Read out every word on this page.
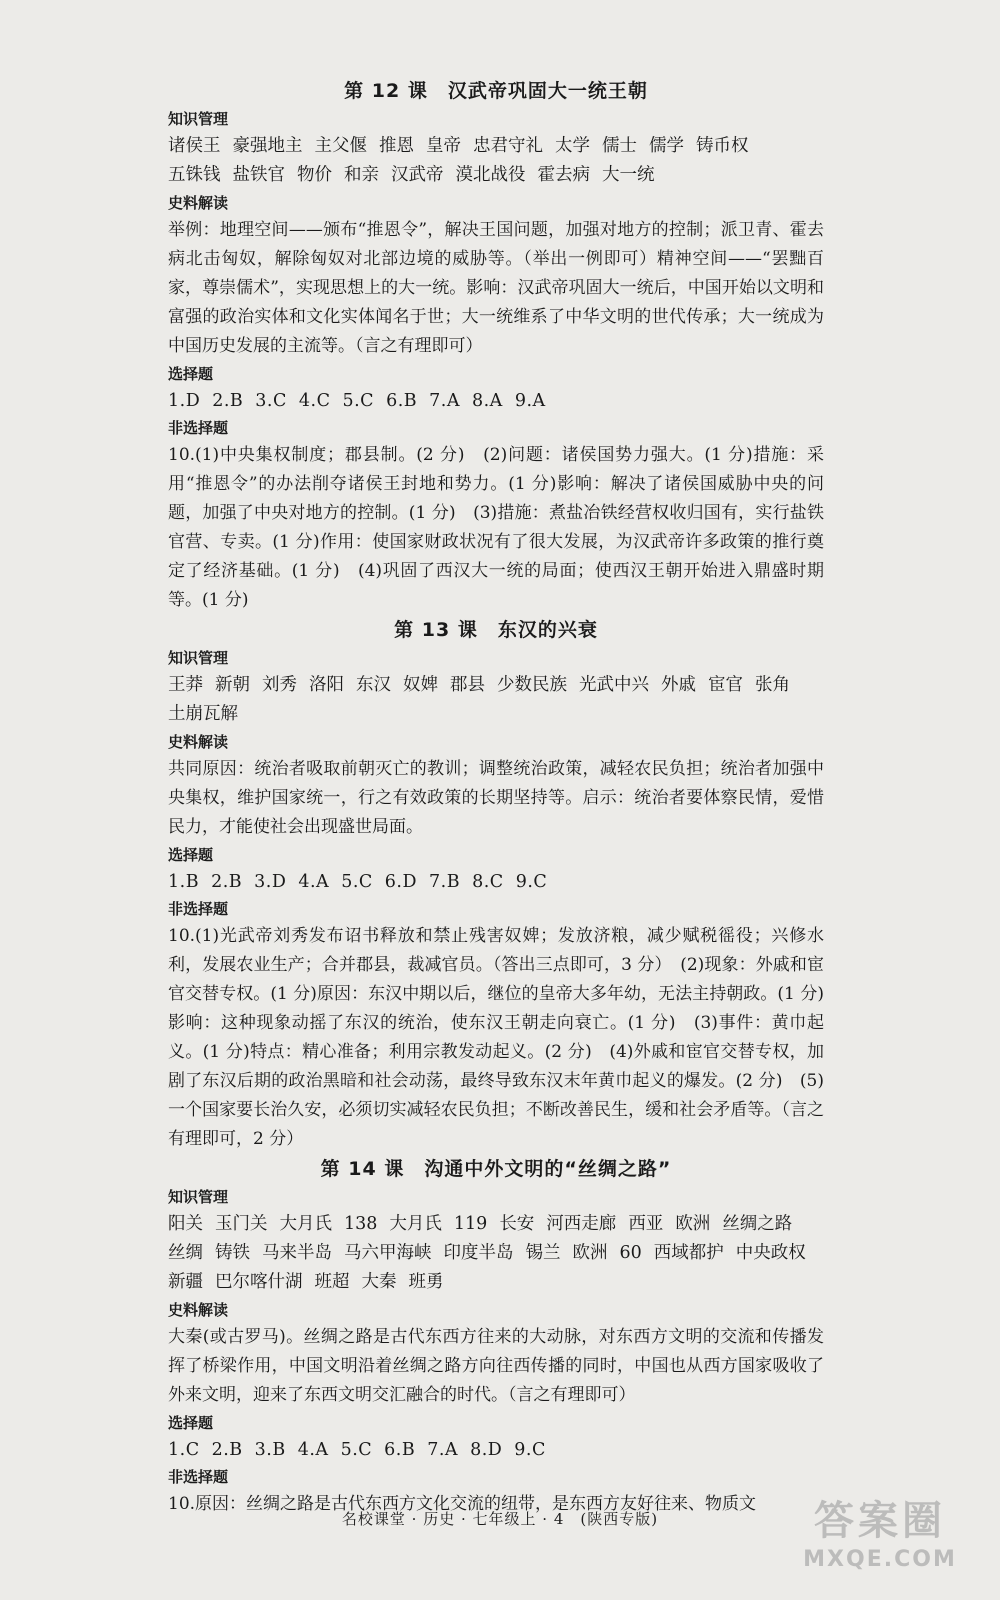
第 12 课　汉武帝巩固大一统王朝
知识管理
诸侯王 豪强地主 主父偃 推恩 皇帝 忠君守礼 太学 儒士 儒学 铸币权五铢钱 盐铁官 物价 和亲 汉武帝 漠北战役 霍去病 大一统
史料解读
举例：地理空间——颁布“推恩令”，解决王国问题，加强对地方的控制；派卫青、霍去病北击匈奴，解除匈奴对北部边境的威胁等。（举出一例即可）精神空间——“罢黜百家，尊崇儒术”，实现思想上的大一统。影响：汉武帝巩固大一统后，中国开始以文明和富强的政治实体和文化实体闻名于世；大一统维系了中华文明的世代传承；大一统成为中国历史发展的主流等。（言之有理即可）
选择题
1.D 2.B 3.C 4.C 5.C 6.B 7.A 8.A 9.A
非选择题
10.(1)中央集权制度；郡县制。(2 分)　(2)问题：诸侯国势力强大。(1 分)措施：采用“推恩令”的办法削夺诸侯王封地和势力。(1 分)影响：解决了诸侯国威胁中央的问题，加强了中央对地方的控制。(1 分)　(3)措施：煮盐冶铁经营权收归国有，实行盐铁官营、专卖。(1 分)作用：使国家财政状况有了很大发展，为汉武帝许多政策的推行奠定了经济基础。(1 分)　(4)巩固了西汉大一统的局面；使西汉王朝开始进入鼎盛时期等。(1 分)
第 13 课　东汉的兴衰
知识管理
王莽 新朝 刘秀 洛阳 东汉 奴婢 郡县 少数民族 光武中兴 外戚 宦官 张角土崩瓦解
史料解读
共同原因：统治者吸取前朝灭亡的教训；调整统治政策，减轻农民负担；统治者加强中央集权，维护国家统一，行之有效政策的长期坚持等。启示：统治者要体察民情，爱惜民力，才能使社会出现盛世局面。
选择题
1.B 2.B 3.D 4.A 5.C 6.D 7.B 8.C 9.C
非选择题
10.(1)光武帝刘秀发布诏书释放和禁止残害奴婢；发放济粮，减少赋税徭役；兴修水利，发展农业生产；合并郡县，裁减官员。（答出三点即可，3 分）　(2)现象：外戚和宦官交替专权。(1 分)原因：东汉中期以后，继位的皇帝大多年幼，无法主持朝政。(1 分)影响：这种现象动摇了东汉的统治，使东汉王朝走向衰亡。(1 分)　(3)事件：黄巾起义。(1 分)特点：精心准备；利用宗教发动起义。(2 分)　(4)外戚和宦官交替专权，加剧了东汉后期的政治黑暗和社会动荡，最终导致东汉末年黄巾起义的爆发。(2 分)　(5)一个国家要长治久安，必须切实减轻农民负担；不断改善民生，缓和社会矛盾等。（言之有理即可，2 分）
第 14 课　沟通中外文明的“丝绸之路”
知识管理
阳关 玉门关 大月氏 138 大月氏 119 长安 河西走廊 西亚 欧洲 丝绸之路丝绸 铸铁 马来半岛 马六甲海峡 印度半岛 锡兰 欧洲 60 西域都护 中央政权新疆 巴尔喀什湖 班超 大秦 班勇
史料解读
大秦(或古罗马)。丝绸之路是古代东西方往来的大动脉，对东西方文明的交流和传播发挥了桥梁作用，中国文明沿着丝绸之路方向往西传播的同时，中国也从西方国家吸收了外来文明，迎来了东西文明交汇融合的时代。（言之有理即可）
选择题
1.C 2.B 3.B 4.A 5.C 6.B 7.A 8.D 9.C
非选择题
10.原因：丝绸之路是古代东西方文化交流的纽带，是东西方友好往来、物质文
名校课堂 · 历史 · 七年级上 · 4　(陕西专版)	答案圈
MXQE.COM
